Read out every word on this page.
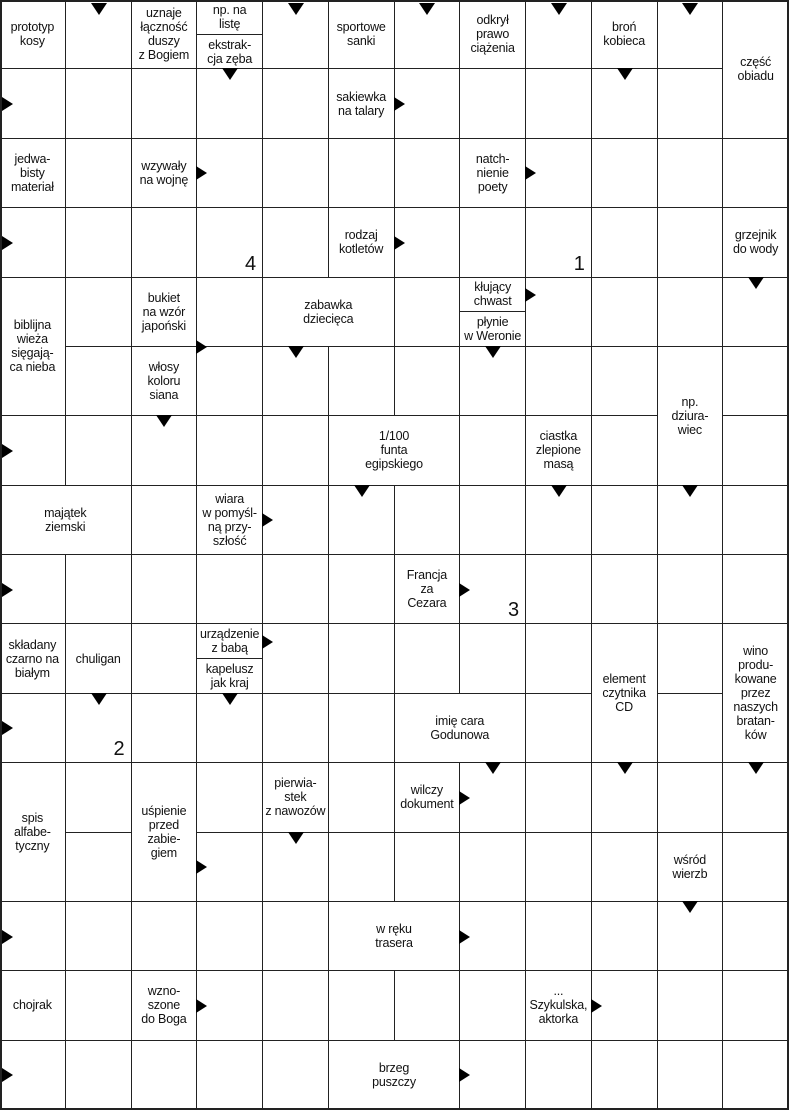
prototyp
kosy
uznaje
łączność
duszy
z Bogiem
np. na
listę
ekstrak-
cja zęba
sportowe
sanki
odkrył
prawo
ciążenia
broń
kobieca
część
obiadu
sakiewka
na talary
jedwa-
bisty
materiał
wzywały
na wojnę
natch-
nienie
poety
rodzaj
kotletów
grzejnik
do wody
biblijna
wieża
sięgają-
ca nieba
bukiet
na wzór
japoński
zabawka
dziecięca
kłujący
chwast
płynie
w Weronie
włosy
koloru
siana	np.
dziura-
wiec
1/100
funta
egipskiego
ciastka
zlepione
masą
majątek
ziemski
wiara
w pomyśl-
ną przy-
szłość
Francja
za
Cezara
składany
czarno na
białym
chuligan
urządzenie
z babą
kapelusz
jak kraj	element
czytnika
CD
wino
produ-
kowane
przez
naszych
bratan-
ków
imię cara
Godunowa
spis
alfabe-
tyczny
uśpienie
przed
zabie-
giem
pierwia-
stek
z nawozów
wilczy
dokument
wśród
wierzb
w ręku
trasera
chojrak
wzno-
szone
do Boga
...
Szykulska,
aktorka
brzeg
puszczy
4	1
3
2
